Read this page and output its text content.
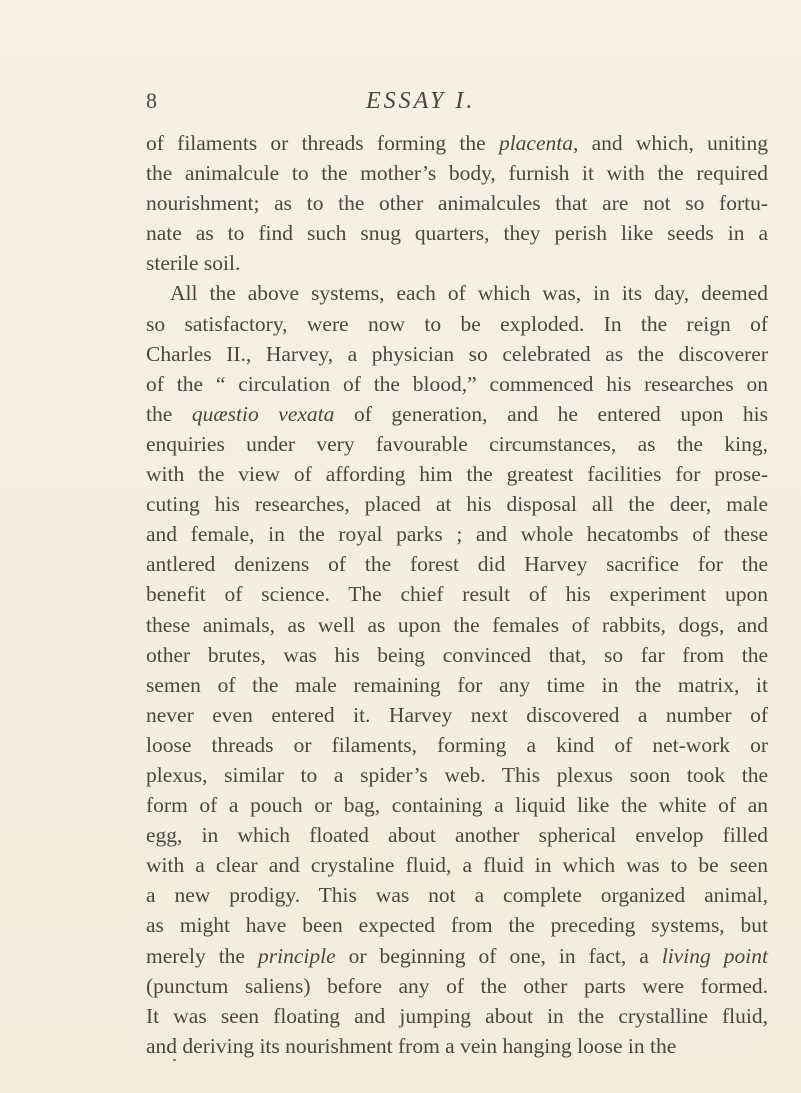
8	ESSAY I.
of filaments or threads forming the placenta, and which, uniting
the animalcule to the mother’s body, furnish it with the required
nourishment; as to the other animalcules that are not so fortu-
nate as to find such snug quarters, they perish like seeds in a
sterile soil.
All the above systems, each of which was, in its day, deemed
so satisfactory, were now to be exploded. In the reign of
Charles II., Harvey, a physician so celebrated as the discoverer
of the “ circulation of the blood,” commenced his researches on
the quæstio vexata of generation, and he entered upon his
enquiries under very favourable circumstances, as the king,
with the view of affording him the greatest facilities for prose-
cuting his researches, placed at his disposal all the deer, male
and female, in the royal parks ; and whole hecatombs of these
antlered denizens of the forest did Harvey sacrifice for the
benefit of science. The chief result of his experiment upon
these animals, as well as upon the females of rabbits, dogs, and
other brutes, was his being convinced that, so far from the
semen of the male remaining for any time in the matrix, it
never even entered it. Harvey next discovered a number of
loose threads or filaments, forming a kind of net-work or
plexus, similar to a spider’s web. This plexus soon took the
form of a pouch or bag, containing a liquid like the white of an
egg, in which floated about another spherical envelop filled
with a clear and crystaline fluid, a fluid in which was to be seen
a new prodigy. This was not a complete organized animal,
as might have been expected from the preceding systems, but
merely the principle or beginning of one, in fact, a living point
(punctum saliens) before any of the other parts were formed.
It was seen floating and jumping about in the crystalline fluid,
and deriving its nourishment from a vein hanging loose in the
